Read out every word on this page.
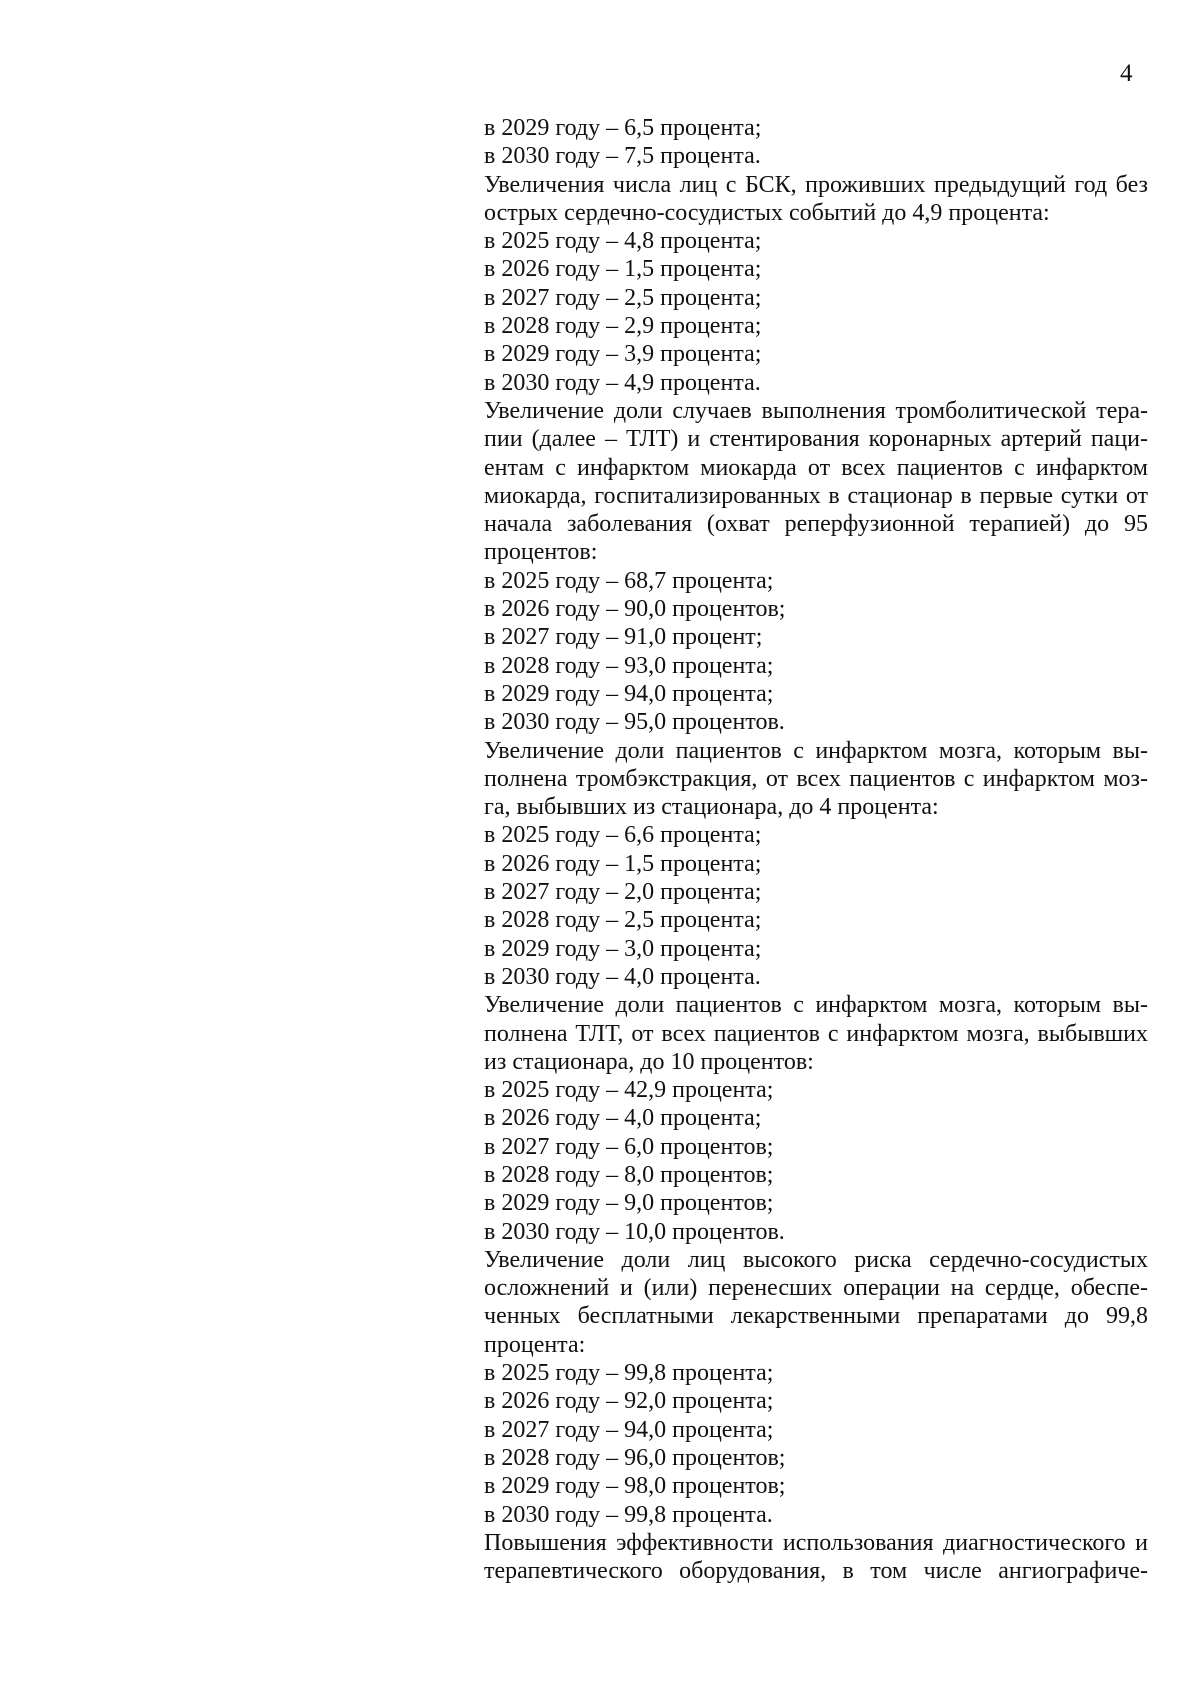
4
в 2029 году – 6,5 процента;
в 2030 году – 7,5 процента.
Увеличения числа лиц с БСК, проживших предыдущий год без
острых сердечно-сосудистых событий до 4,9 процента:
в 2025 году – 4,8 процента;
в 2026 году – 1,5 процента;
в 2027 году – 2,5 процента;
в 2028 году – 2,9 процента;
в 2029 году – 3,9 процента;
в 2030 году – 4,9 процента.
Увеличение доли случаев выполнения тромболитической тера-
пии (далее – ТЛТ) и стентирования коронарных артерий паци-
ентам с инфарктом миокарда от всех пациентов с инфарктом
миокарда, госпитализированных в стационар в первые сутки от
начала заболевания (охват реперфузионной терапией) до 95
процентов:
в 2025 году – 68,7 процента;
в 2026 году – 90,0 процентов;
в 2027 году – 91,0 процент;
в 2028 году – 93,0 процента;
в 2029 году – 94,0 процента;
в 2030 году – 95,0 процентов.
Увеличение доли пациентов с инфарктом мозга, которым вы-
полнена тромбэкстракция, от всех пациентов с инфарктом моз-
га, выбывших из стационара, до 4 процента:
в 2025 году – 6,6 процента;
в 2026 году – 1,5 процента;
в 2027 году – 2,0 процента;
в 2028 году – 2,5 процента;
в 2029 году – 3,0 процента;
в 2030 году – 4,0 процента.
Увеличение доли пациентов с инфарктом мозга, которым вы-
полнена ТЛТ, от всех пациентов с инфарктом мозга, выбывших
из стационара, до 10 процентов:
в 2025 году – 42,9 процента;
в 2026 году – 4,0 процента;
в 2027 году – 6,0 процентов;
в 2028 году – 8,0 процентов;
в 2029 году – 9,0 процентов;
в 2030 году – 10,0 процентов.
Увеличение доли лиц высокого риска сердечно-сосудистых
осложнений и (или) перенесших операции на сердце, обеспе-
ченных бесплатными лекарственными препаратами до 99,8
процента:
в 2025 году – 99,8 процента;
в 2026 году – 92,0 процента;
в 2027 году – 94,0 процента;
в 2028 году – 96,0 процентов;
в 2029 году – 98,0 процентов;
в 2030 году – 99,8 процента.
Повышения эффективности использования диагностического и
терапевтического оборудования, в том числе ангиографиче-
